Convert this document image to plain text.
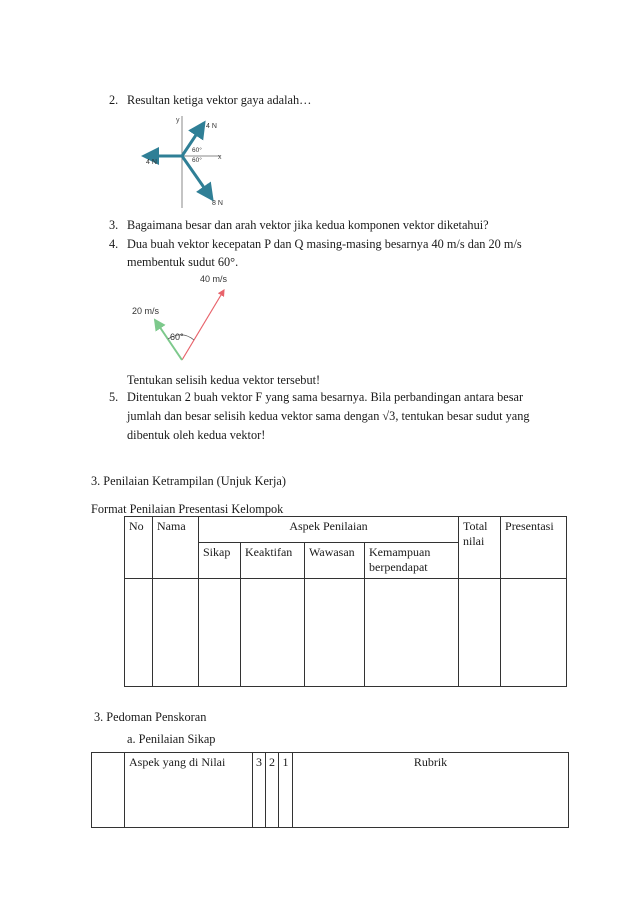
2. Resultan ketiga vektor gaya adalah…
y
x
4 N
4 N
8 N
60°
60°
3. Bagaimana besar dan arah vektor jika kedua komponen vektor diketahui?
4. Dua buah vektor kecepatan P dan Q masing-masing besarnya 40 m/s dan 20 m/s
membentuk sudut 60°.
40 m/s
20 m/s
60°
Tentukan selisih kedua vektor tersebut!
5. Ditentukan 2 buah vektor F yang sama besarnya. Bila perbandingan antara besar
jumlah dan besar selisih kedua vektor sama dengan √3, tentukan besar sudut yang
dibentuk oleh kedua vektor!
3. Penilaian Ketrampilan (Unjuk Kerja)
Format Penilaian Presentasi Kelompok
No	Nama	Aspek Penilaian				Total nilai	Presentasi
		Sikap	Keaktifan	Wawasan	Kemampuan berpendapat		

3. Pedoman Penskoran
a. Penilaian Sikap
	Aspek yang di Nilai	3	2	1	Rubrik
